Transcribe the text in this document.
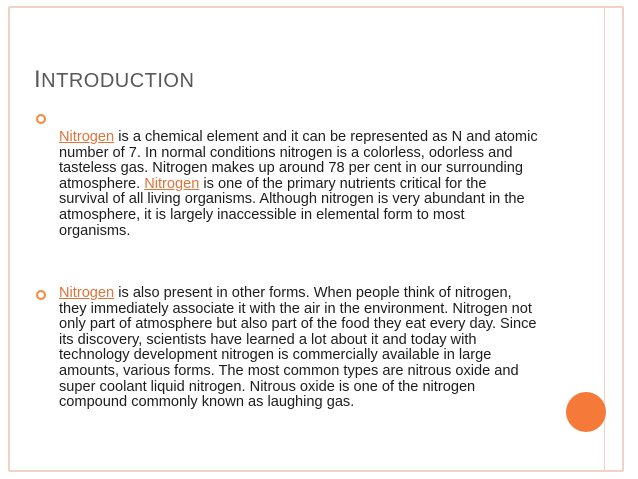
INTRODUCTION
Nitrogen is a chemical element and it can be represented as N and atomic number of 7. In normal conditions nitrogen is a colorless, odorless and tasteless gas. Nitrogen makes up around 78 per cent in our surrounding atmosphere. Nitrogen is one of the primary nutrients critical for the survival of all living organisms. Although nitrogen is very abundant in the atmosphere, it is largely inaccessible in elemental form to most organisms.
Nitrogen is also present in other forms. When people think of nitrogen, they immediately associate it with the air in the environment. Nitrogen not only part of atmosphere but also part of the food they eat every day. Since its discovery, scientists have learned a lot about it and today with technology development nitrogen is commercially available in large amounts, various forms. The most common types are nitrous oxide and super coolant liquid nitrogen. Nitrous oxide is one of the nitrogen compound commonly known as laughing gas.
